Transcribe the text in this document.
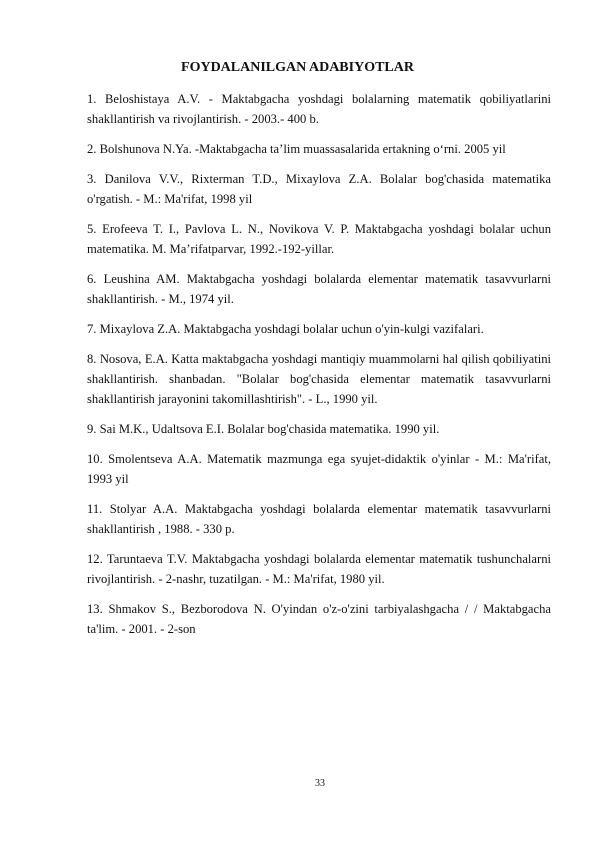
FOYDALANILGAN ADABIYOTLAR

1. Beloshistaya A.V. - Maktabgacha yoshdagi bolalarning matematik qobiliyatlarini shakllantirish va rivojlantirish. - 2003.- 400 b.

2. Bolshunova N.Ya. -Maktabgacha ta’lim muassasalarida ertakning o‘rni. 2005 yil

3. Danilova V.V., Rixterman T.D., Mixaylova Z.A. Bolalar bog'chasida matematika o'rgatish. - M.: Ma'rifat, 1998 yil

5. Erofeeva T. I., Pavlova L. N., Novikova V. P. Maktabgacha yoshdagi bolalar uchun matematika. M. Ma’rifatparvar, 1992.-192-yillar.

6. Leushina AM. Maktabgacha yoshdagi bolalarda elementar matematik tasavvurlarni shakllantirish. - M., 1974 yil.

7. Mixaylova Z.A. Maktabgacha yoshdagi bolalar uchun o'yin-kulgi vazifalari.

8. Nosova, E.A. Katta maktabgacha yoshdagi mantiqiy muammolarni hal qilish qobiliyatini shakllantirish. shanbadan. "Bolalar bog'chasida elementar matematik tasavvurlarni shakllantirish jarayonini takomillashtirish". - L., 1990 yil.

9. Sai M.K., Udaltsova E.I. Bolalar bog'chasida matematika. 1990 yil.

10. Smolentseva A.A. Matematik mazmunga ega syujet-didaktik o'yinlar - M.: Ma'rifat, 1993 yil

11. Stolyar A.A. Maktabgacha yoshdagi bolalarda elementar matematik tasavvurlarni shakllantirish , 1988. - 330 p.

12. Taruntaeva T.V. Maktabgacha yoshdagi bolalarda elementar matematik tushunchalarni rivojlantirish. - 2-nashr, tuzatilgan. - M.: Ma'rifat, 1980 yil.

13. Shmakov S., Bezborodova N. O'yindan o'z-o'zini tarbiyalashgacha / / Maktabgacha ta'lim. - 2001. - 2-son

33
